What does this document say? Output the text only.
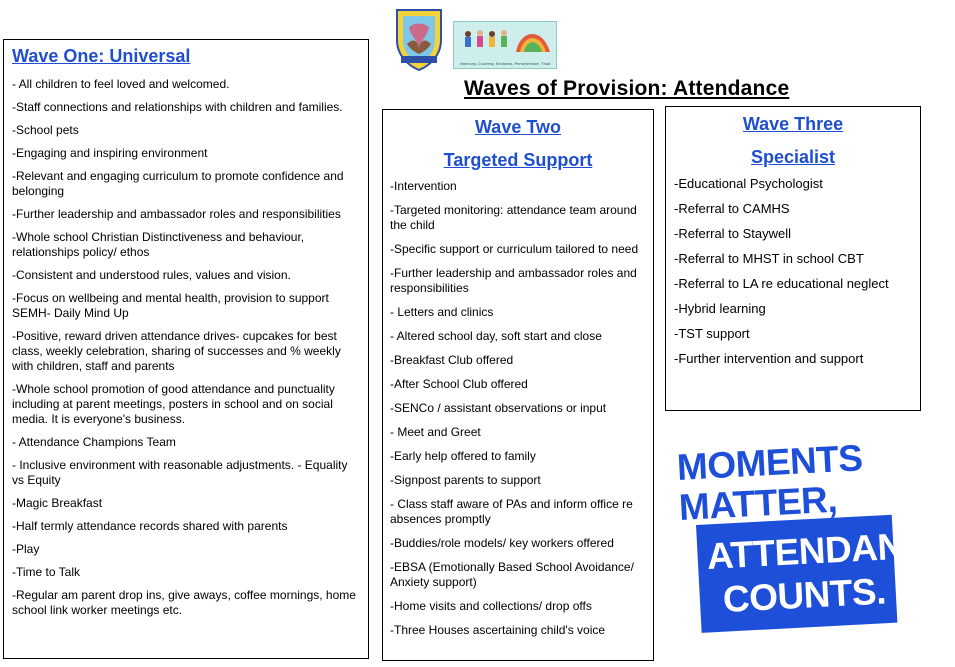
Harmony, Courtesy, Kindness, Perseverance, Trust
Waves of Provision: Attendance
Wave One: Universal

- All children to feel loved and welcomed.

-Staff connections and relationships with children and families.

-School pets

-Engaging and inspiring environment

-Relevant and engaging curriculum to promote confidence and belonging

-Further leadership and ambassador roles and responsibilities

-Whole school Christian Distinctiveness and behaviour, relationships policy/ ethos

-Consistent and understood rules, values and vision.

-Focus on wellbeing and mental health, provision to support SEMH- Daily Mind Up

-Positive, reward driven attendance drives- cupcakes for best class, weekly celebration, sharing of successes and % weekly with children, staff and parents

-Whole school promotion of good attendance and punctuality including at parent meetings, posters in school and on social media. It is everyone's business.

- Attendance Champions Team

- Inclusive environment with reasonable adjustments. - Equality vs Equity

-Magic Breakfast

-Half termly attendance records shared with parents

-Play

-Time to Talk

-Regular am parent drop ins, give aways, coffee mornings, home school link worker meetings etc.

Wave Two
Targeted Support

-Intervention

-Targeted monitoring: attendance team around the child

-Specific support or curriculum tailored to need

-Further leadership and ambassador roles and responsibilities

- Letters and clinics

- Altered school day, soft start and close

-Breakfast Club offered

-After School Club offered

-SENCo / assistant observations or input

- Meet and Greet

-Early help offered to family

-Signpost parents to support

- Class staff aware of PAs and inform office re absences promptly

-Buddies/role models/ key workers offered

-EBSA (Emotionally Based School Avoidance/ Anxiety support)

-Home visits and collections/ drop offs

-Three Houses ascertaining child's voice

Wave Three
Specialist

-Educational Psychologist

-Referral to CAMHS

-Referral to Staywell

-Referral to MHST in school CBT

-Referral to LA re educational neglect

-Hybrid learning

-TST support

-Further intervention and support

MOMENTS
MATTER,
ATTENDANCE
COUNTS.
